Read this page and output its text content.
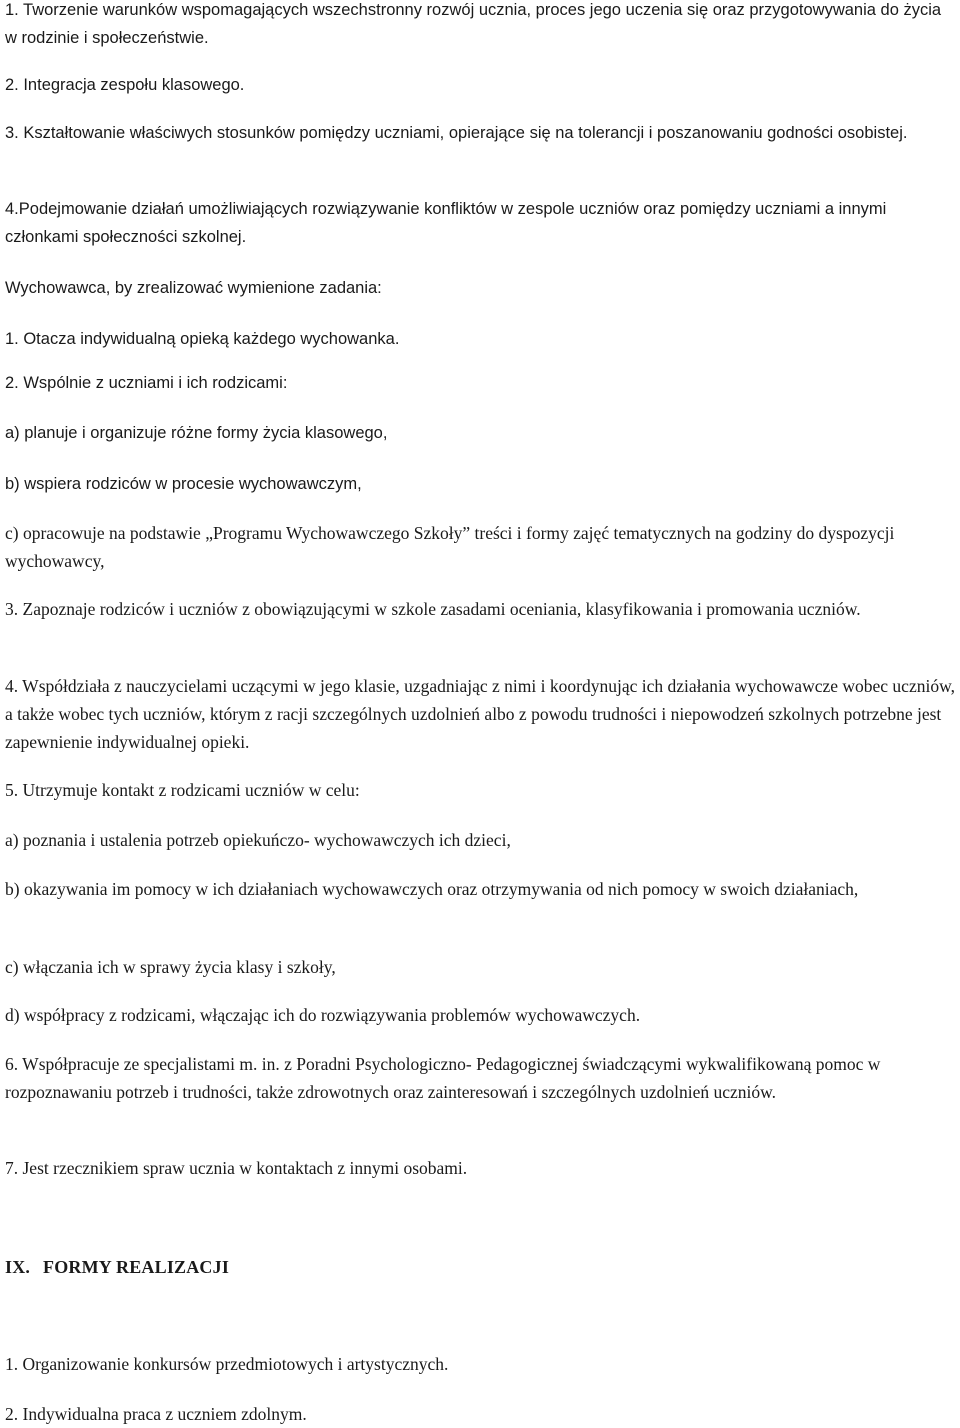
1. Tworzenie warunków wspomagających wszechstronny rozwój ucznia, proces jego uczenia się oraz przygotowywania do życia w rodzinie i społeczeństwie.

2. Integracja zespołu klasowego.

3. Kształtowanie właściwych stosunków pomiędzy uczniami, opierające się na tolerancji i poszanowaniu godności osobistej.

4.Podejmowanie działań umożliwiających rozwiązywanie konfliktów w zespole uczniów oraz pomiędzy uczniami a innymi członkami społeczności szkolnej.

Wychowawca, by zrealizować wymienione zadania:

1. Otacza indywidualną opieką każdego wychowanka.

2. Wspólnie z uczniami i ich rodzicami:

a) planuje i organizuje różne formy życia klasowego,

b) wspiera rodziców w procesie wychowawczym,

c) opracowuje na podstawie „Programu Wychowawczego Szkoły” treści i formy zajęć tematycznych na godziny do dyspozycji wychowawcy,

3. Zapoznaje rodziców i uczniów z obowiązującymi w szkole zasadami oceniania, klasyfikowania i promowania uczniów.

4. Współdziała z nauczycielami uczącymi w jego klasie, uzgadniając z nimi i koordynując ich działania wychowawcze wobec uczniów, a także wobec tych uczniów, którym z racji szczególnych uzdolnień albo z powodu trudności i niepowodzeń szkolnych potrzebne jest zapewnienie indywidualnej opieki.

5. Utrzymuje kontakt z rodzicami uczniów w celu:

a) poznania i ustalenia potrzeb opiekuńczo- wychowawczych ich dzieci,

b) okazywania im pomocy w ich działaniach wychowawczych oraz otrzymywania od nich pomocy w swoich działaniach,

c) włączania ich w sprawy życia klasy i szkoły,

d) współpracy z rodzicami, włączając ich do rozwiązywania problemów wychowawczych.

6. Współpracuje ze specjalistami m. in. z Poradni Psychologiczno- Pedagogicznej świadczącymi wykwalifikowaną pomoc w rozpoznawaniu potrzeb i trudności, także zdrowotnych oraz zainteresowań i szczególnych uzdolnień uczniów.

7. Jest rzecznikiem spraw ucznia w kontaktach z innymi osobami.

IX. FORMY REALIZACJI

1. Organizowanie konkursów przedmiotowych i artystycznych.

2. Indywidualna praca z uczniem zdolnym.
